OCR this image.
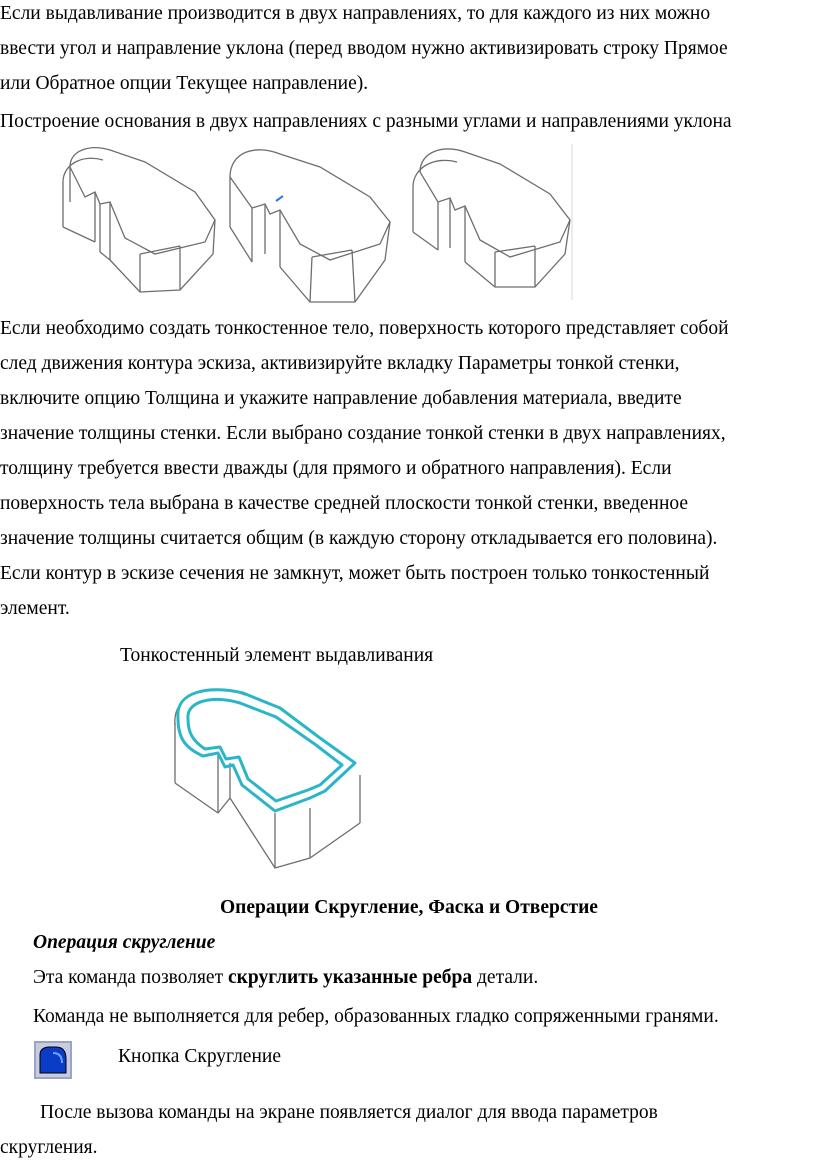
Если выдавливание производится в двух направлениях, то для каждого из них можно
ввести угол и направление уклона (перед вводом нужно активизировать строку Прямое
или Обратное опции Текущее направление).
Построение основания в двух направлениях с разными углами и направлениями уклона
Если необходимо создать тонкостенное тело, поверхность которого представляет собой
след движения контура эскиза, активизируйте вкладку Параметры тонкой стенки,
включите опцию Толщина и укажите направление добавления материала, введите
значение толщины стенки. Если выбрано создание тонкой стенки в двух направлениях,
толщину требуется ввести дважды (для прямого и обратного направления). Если
поверхность тела выбрана в качестве средней плоскости тонкой стенки, введенное
значение толщины считается общим (в каждую сторону откладывается его половина).
Если контур в эскизе сечения не замкнут, может быть построен только тонкостенный
элемент.
Тонкостенный элемент выдавливания
Операции Скругление, Фаска и Отверстие
Операция скругление
Эта команда позволяет скруглить указанные ребра детали.
Команда не выполняется для ребер, образованных гладко сопряженными гранями.
Кнопка Скругление
После вызова команды на экране появляется диалог для ввода параметров
скругления.
